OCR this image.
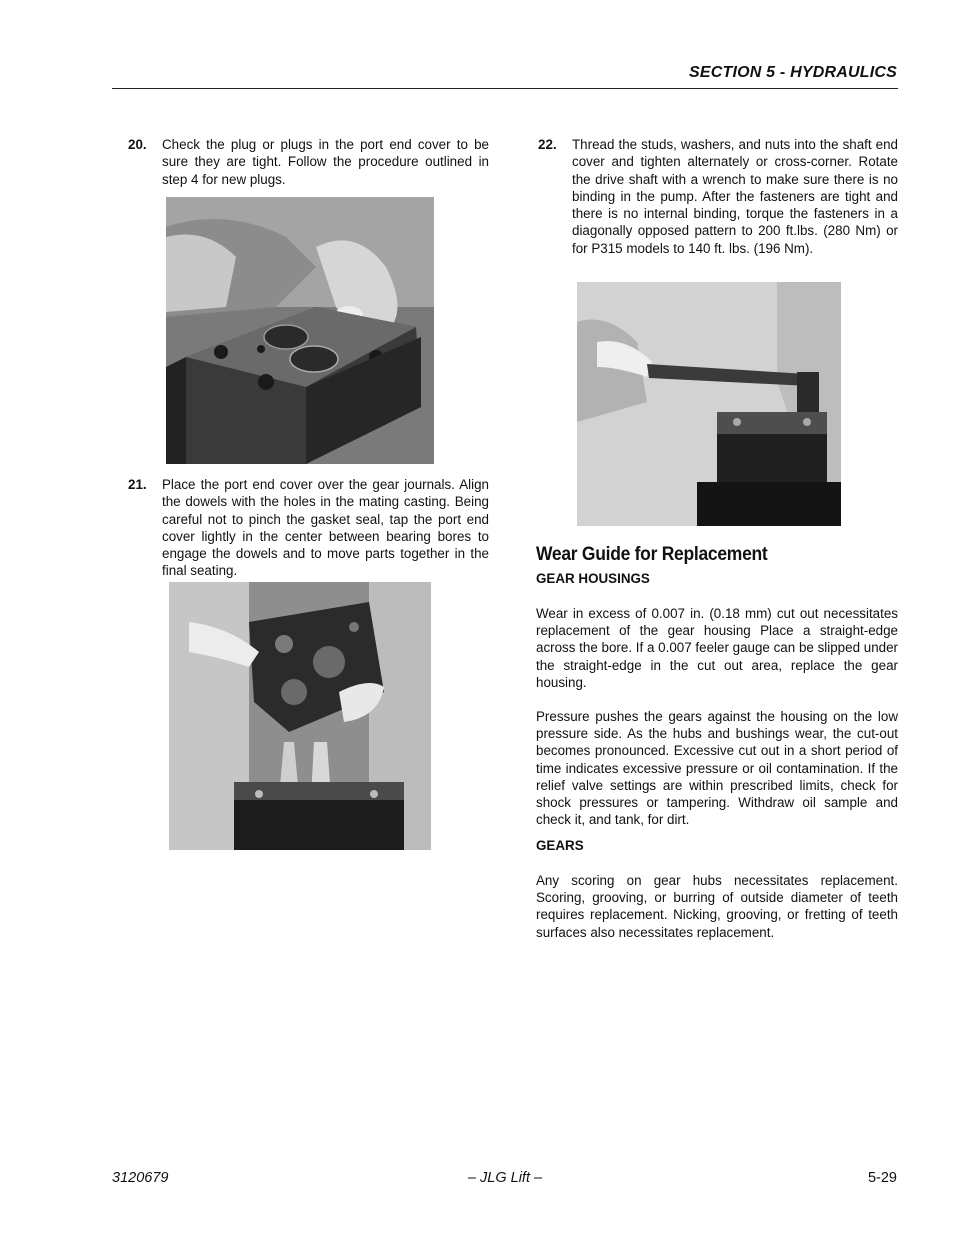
SECTION 5 - HYDRAULICS
20. Check the plug or plugs in the port end cover to be sure they are tight. Follow the procedure outlined in step 4 for new plugs.
21. Place the port end cover over the gear journals. Align the dowels with the holes in the mating casting. Being careful not to pinch the gasket seal, tap the port end cover lightly in the center between bearing bores to engage the dowels and to move parts together in the final seating.
22. Thread the studs, washers, and nuts into the shaft end cover and tighten alternately or cross-corner. Rotate the drive shaft with a wrench to make sure there is no binding in the pump. After the fasteners are tight and there is no internal binding, torque the fasteners in a diagonally opposed pattern to 200 ft.lbs. (280 Nm) or for P315 models to 140 ft. lbs. (196 Nm).
Wear Guide for Replacement
GEAR HOUSINGS
Wear in excess of 0.007 in. (0.18 mm) cut out necessitates replacement of the gear housing Place a straight-edge across the bore. If a 0.007 feeler gauge can be slipped under the straight-edge in the cut out area, replace the gear housing.
Pressure pushes the gears against the housing on the low pressure side. As the hubs and bushings wear, the cut-out becomes pronounced. Excessive cut out in a short period of time indicates excessive pressure or oil contamination. If the relief valve settings are within prescribed limits, check for shock pressures or tampering. Withdraw oil sample and check it, and tank, for dirt.
GEARS
Any scoring on gear hubs necessitates replacement. Scoring, grooving, or burring of outside diameter of teeth requires replacement. Nicking, grooving, or fretting of teeth surfaces also necessitates replacement.
3120679	– JLG Lift –	5-29
